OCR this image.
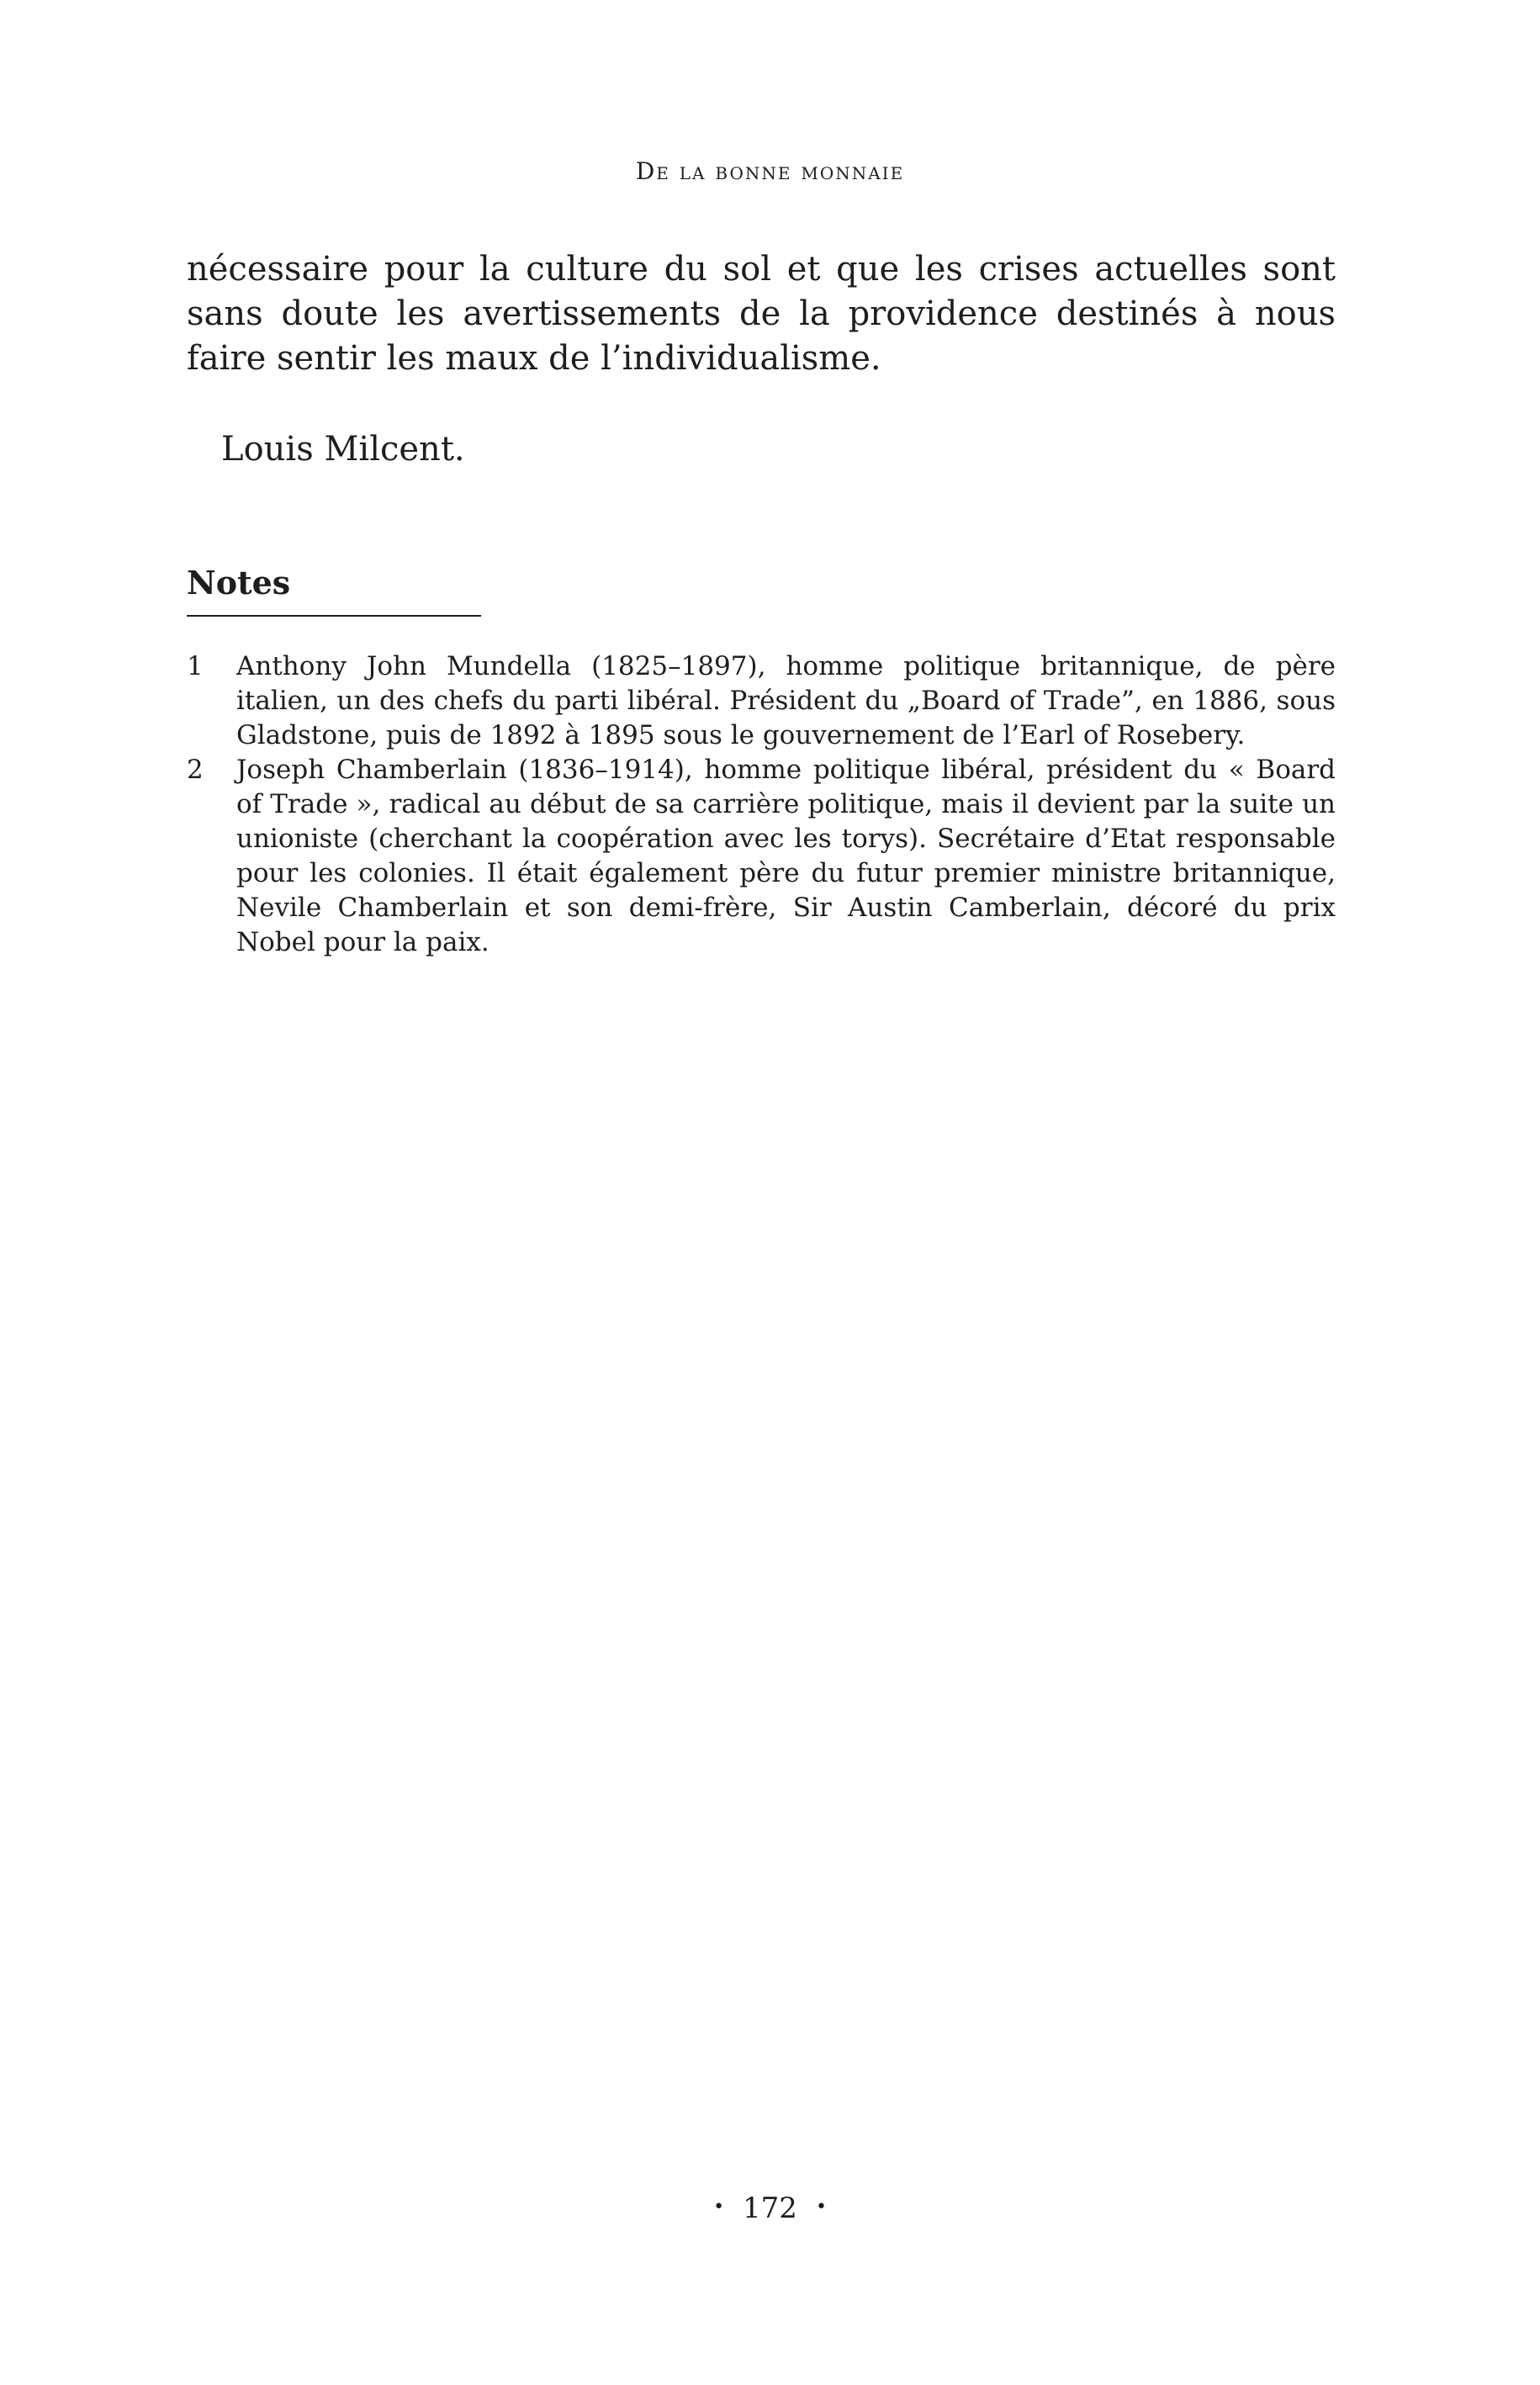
De la bonne monnaie

nécessaire pour la culture du sol et que les crises actuelles sont sans doute les avertissements de la providence destinés à nous faire sentir les maux de l’individualisme.

Louis Milcent.

Notes
1 Anthony John Mundella (1825–1897), homme politique britannique, de père italien, un des chefs du parti libéral. Président du „Board of Trade”, en 1886, sous Gladstone, puis de 1892 à 1895 sous le gouvernement de l’Earl of Rosebery.
2 Joseph Chamberlain (1836–1914), homme politique libéral, président du « Board of Trade », radical au début de sa carrière politique, mais il devient par la suite un unioniste (cherchant la coopération avec les torys). Secrétaire d’Etat responsable pour les colonies. Il était également père du futur premier ministre britannique, Nevile Chamberlain et son demi-frère, Sir Austin Camberlain, décoré du prix Nobel pour la paix.
• 172 •
